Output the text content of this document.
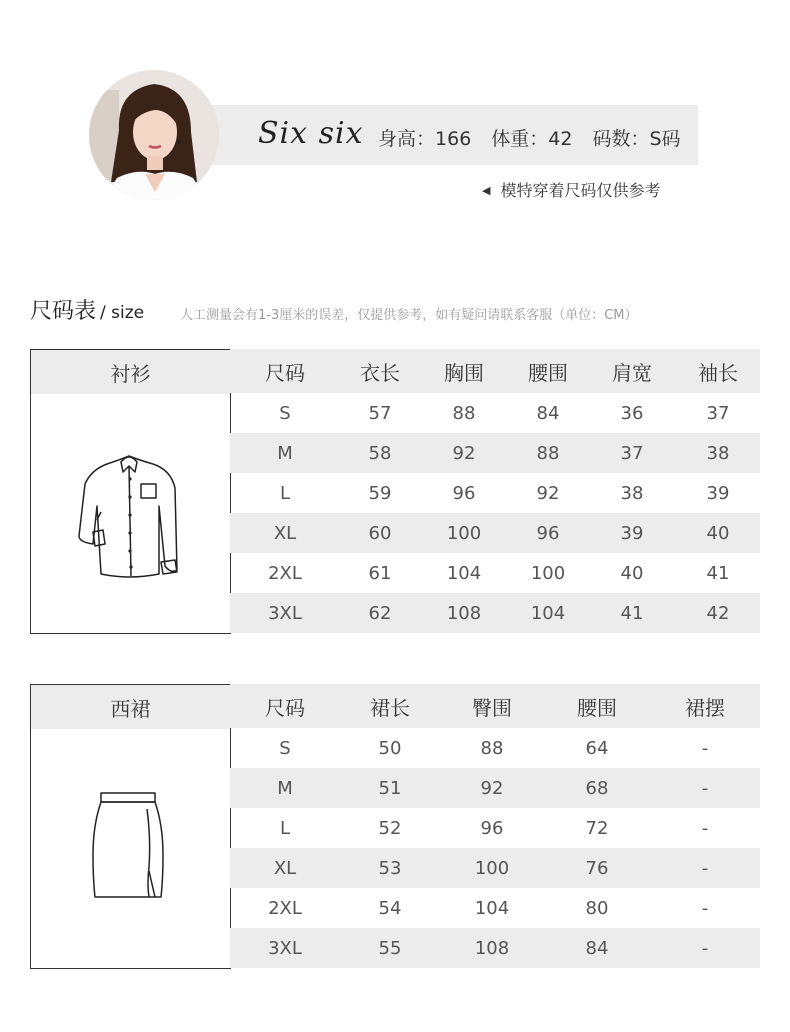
Six six 身高：166 体重：42 码数：S码
◀ 模特穿着尺码仅供参考
尺码表 / size	人工测量会有1-3厘米的误差，仅提供参考，如有疑问请联系客服（单位：CM）
衬衫	尺码	衣长	胸围	腰围	肩宽	袖长
S	57	88	84	36	37
M	58	92	88	37	38
L	59	96	92	38	39
XL	60	100	96	39	40
2XL	61	104	100	40	41
3XL	62	108	104	41	42
西裙	尺码	裙长	臀围	腰围	裙摆
S	50	88	64	-
M	51	92	68	-
L	52	96	72	-
XL	53	100	76	-
2XL	54	104	80	-
3XL	55	108	84	-
